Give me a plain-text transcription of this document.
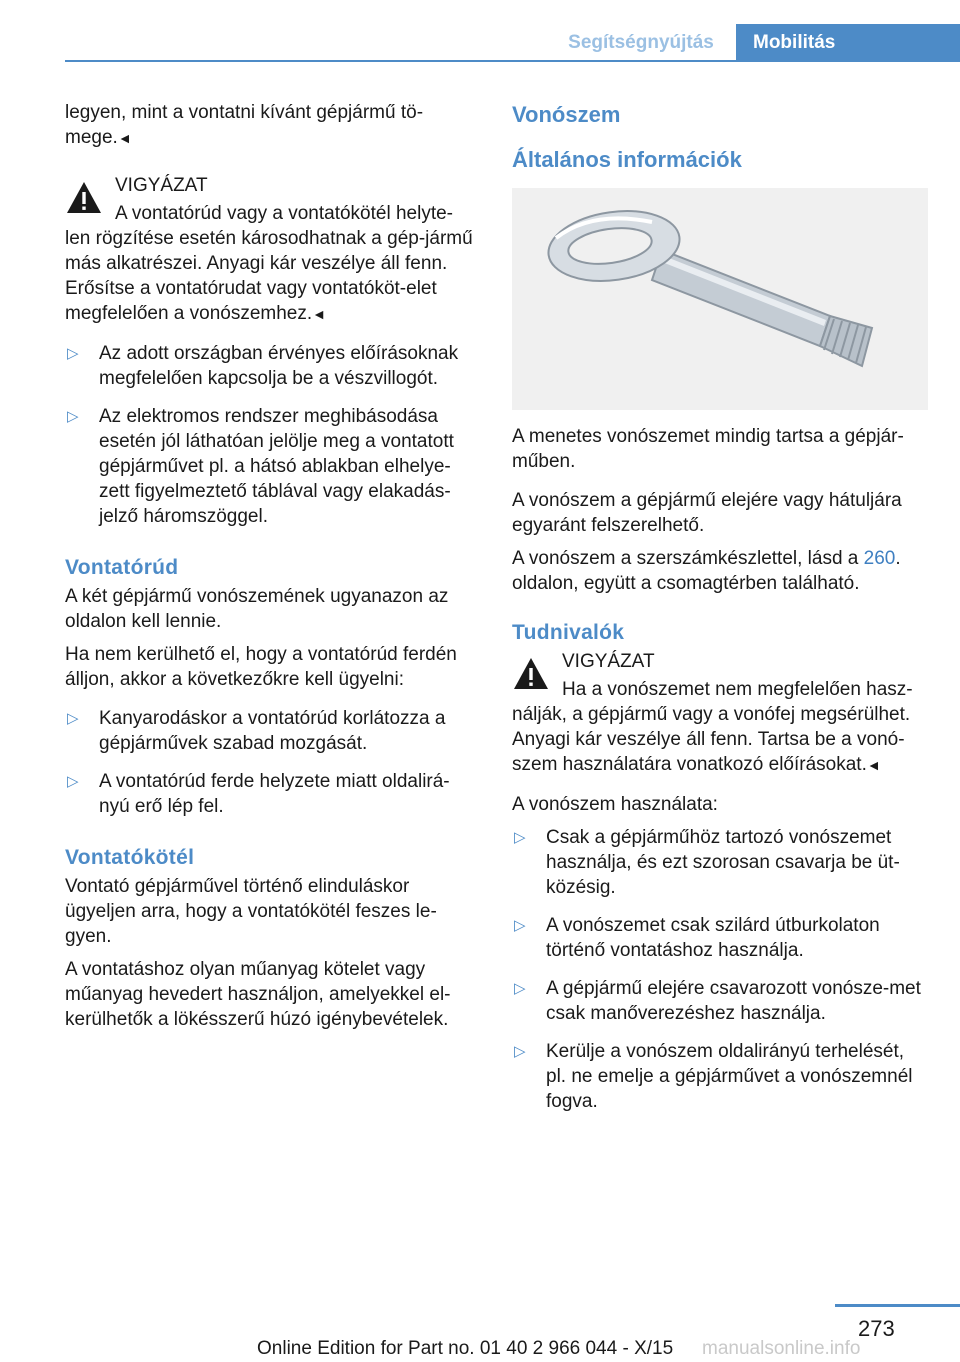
Segítségnyújtás	Mobilitás

legyen, mint a vontatni kívánt gépjármű tö-mege.◄

VIGYÁZAT
A vontatórúd vagy a vontatókötél helyte-len rögzítése esetén károsodhatnak a gép-jármű más alkatrészei. Anyagi kár veszélye áll fenn. Erősítse a vontatórudat vagy vontatóköt-elet megfelelően a vonószemhez.◄
▷ Az adott országban érvényes előírásoknak megfelelően kapcsolja be a vészvillogót.
▷ Az elektromos rendszer meghibásodása esetén jól láthatóan jelölje meg a vontatott gépjárművet pl. a hátsó ablakban elhelye-zett figyelmeztető táblával vagy elakadás-jelző háromszöggel.
Vontatórúd

A két gépjármű vonószemének ugyanazon az oldalon kell lennie.

Ha nem kerülhető el, hogy a vontatórúd ferdén álljon, akkor a következőkre kell ügyelni:

▷ Kanyarodáskor a vontatórúd korlátozza a gépjárművek szabad mozgását.
▷ A vontatórúd ferde helyzete miatt oldalirá-nyú erő lép fel.
Vontatókötél

Vontató gépjárművel történő elinduláskor ügyeljen arra, hogy a vontatókötél feszes le-gyen.

A vontatáshoz olyan műanyag kötelet vagy műanyag hevedert használjon, amelyekkel el-kerülhetők a lökésszerű húzó igénybevételek.

Vonószem
Általános információk

A menetes vonószemet mindig tartsa a gépjár-műben.

A vonószem a gépjármű elejére vagy hátuljára egyaránt felszerelhető.

A vonószem a szerszámkészlettel, lásd a 260. oldalon, együtt a csomagtérben található.

Tudnivalók
VIGYÁZAT
Ha a vonószemet nem megfelelően hasz-nálják, a gépjármű vagy a vonófej megsérülhet. Anyagi kár veszélye áll fenn. Tartsa be a vonó-szem használatára vonatkozó előírásokat.◄

A vonószem használata:

▷ Csak a gépjárműhöz tartozó vonószemet használja, és ezt szorosan csavarja be üt-közésig.
▷ A vonószemet csak szilárd útburkolaton történő vontatáshoz használja.
▷ A gépjármű elejére csavarozott vonósze-met csak manőverezéshez használja.
▷ Kerülje a vonószem oldalirányú terhelését, pl. ne emelje a gépjárművet a vonószemnél fogva.
273
Online Edition for Part no. 01 40 2 966 044 - X/15 manualsonline.info
